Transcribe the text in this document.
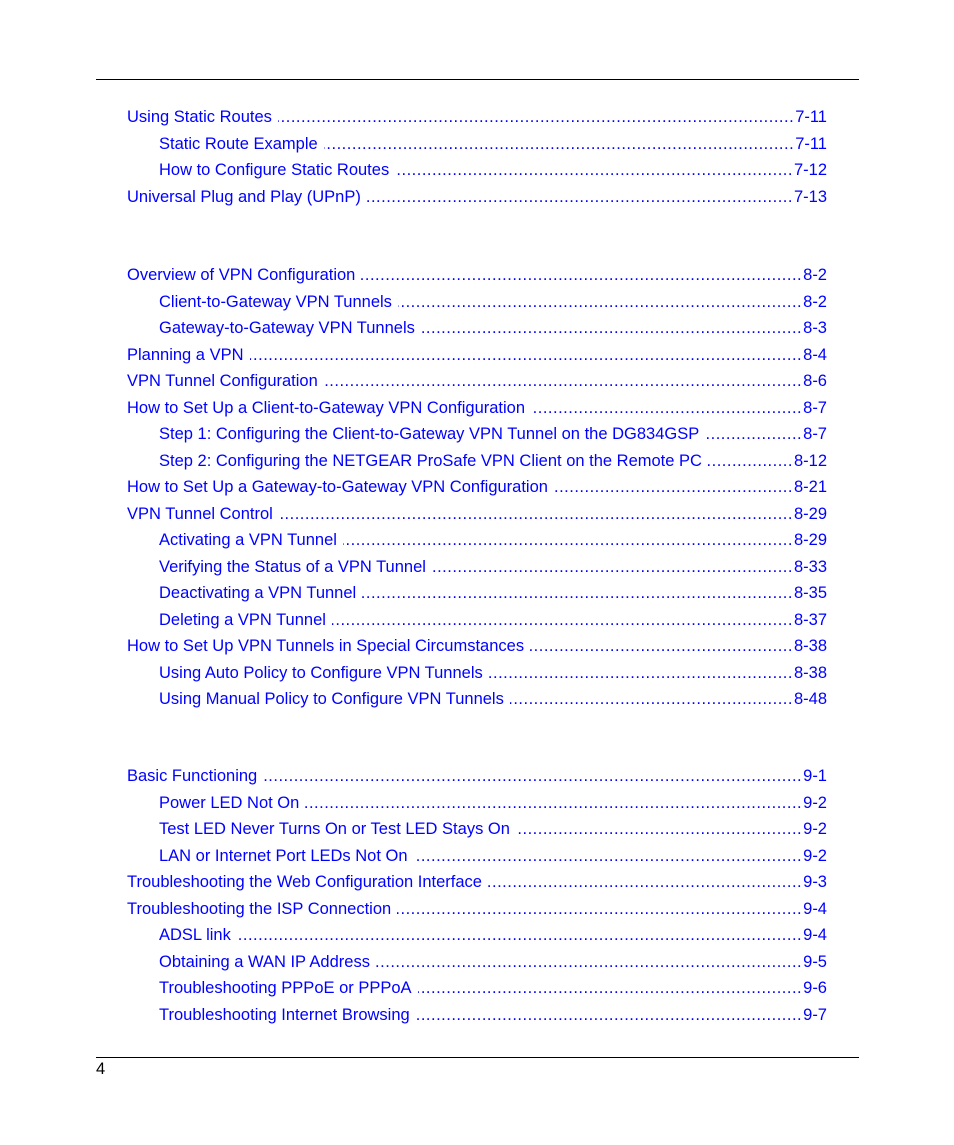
Using Static Routes .....	7-11
Static Route Example .....	7-11
How to Configure Static Routes .....	7-12
Universal Plug and Play (UPnP) .....	7-13
Overview of VPN Configuration .....	8-2
Client-to-Gateway VPN Tunnels .....	8-2
Gateway-to-Gateway VPN Tunnels .....	8-3
Planning a VPN .....	8-4
VPN Tunnel Configuration .....	8-6
How to Set Up a Client-to-Gateway VPN Configuration .....	8-7
Step 1: Configuring the Client-to-Gateway VPN Tunnel on the DG834GSP .....	8-7
Step 2: Configuring the NETGEAR ProSafe VPN Client on the Remote PC .....	8-12
How to Set Up a Gateway-to-Gateway VPN Configuration .....	8-21
VPN Tunnel Control .....	8-29
Activating a VPN Tunnel .....	8-29
Verifying the Status of a VPN Tunnel .....	8-33
Deactivating a VPN Tunnel .....	8-35
Deleting a VPN Tunnel .....	8-37
How to Set Up VPN Tunnels in Special Circumstances .....	8-38
Using Auto Policy to Configure VPN Tunnels .....	8-38
Using Manual Policy to Configure VPN Tunnels .....	8-48
Basic Functioning .....	9-1
Power LED Not On .....	9-2
Test LED Never Turns On or Test LED Stays On .....	9-2
LAN or Internet Port LEDs Not On .....	9-2
Troubleshooting the Web Configuration Interface .....	9-3
Troubleshooting the ISP Connection .....	9-4
ADSL link .....	9-4
Obtaining a WAN IP Address .....	9-5
Troubleshooting PPPoE or PPPoA .....	9-6
Troubleshooting Internet Browsing .....	9-7
4
